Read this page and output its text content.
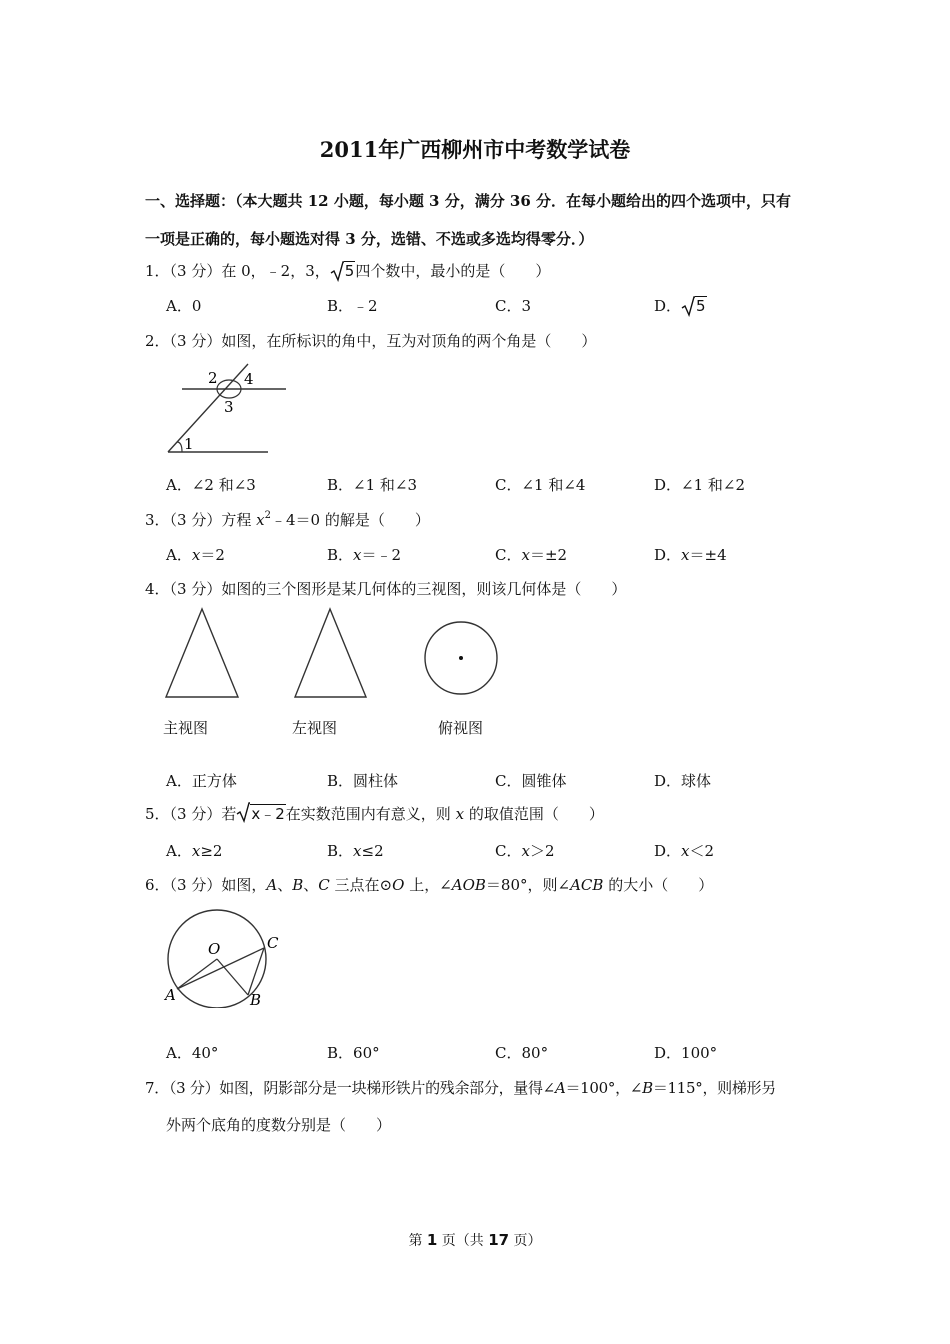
2011年广西柳州市中考数学试卷
一、选择题：（本大题共 12 小题，每小题 3 分，满分 36 分．在每小题给出的四个选项中，只有
一项是正确的，每小题选对得 3 分，选错、不选或多选均得零分．）
1．（3 分）在 0，﹣2，3， 5四个数中，最小的是（　　）
A．0	B．﹣2	C．3	D． 5
2．（3 分）如图，在所标识的角中，互为对顶角的两个角是（　　）
1
2
3
4
A．∠2 和∠3	B．∠1 和∠3	C．∠1 和∠4	D．∠1 和∠2
3．（3 分）方程 $x^2﹣4=0$ 的解是（　　）
A．x＝2	B．x＝﹣2	C．x＝±2	D．x＝±4
4．（3 分）如图的三个图形是某几何体的三视图，则该几何体是（　　）
主视图	左视图	俯视图
A．正方体	B．圆柱体	C．圆锥体	D．球体
5．（3 分）若 x﹣2在实数范围内有意义，则 x 的取值范围（　　）
A．x≥2	B．x≤2	C．x＞2	D．x＜2
6．（3 分）如图，A、B、C 三点在⊙O 上，∠AOB＝80°，则∠ACB 的大小（　　）
O	C
A	B
A．40°	B．60°	C．80°	D．100°
7．（3 分）如图，阴影部分是一块梯形铁片的残余部分，量得∠A＝100°，∠B＝115°，则梯形另
外两个底角的度数分别是（　　）
第 1 页（共 17 页）
